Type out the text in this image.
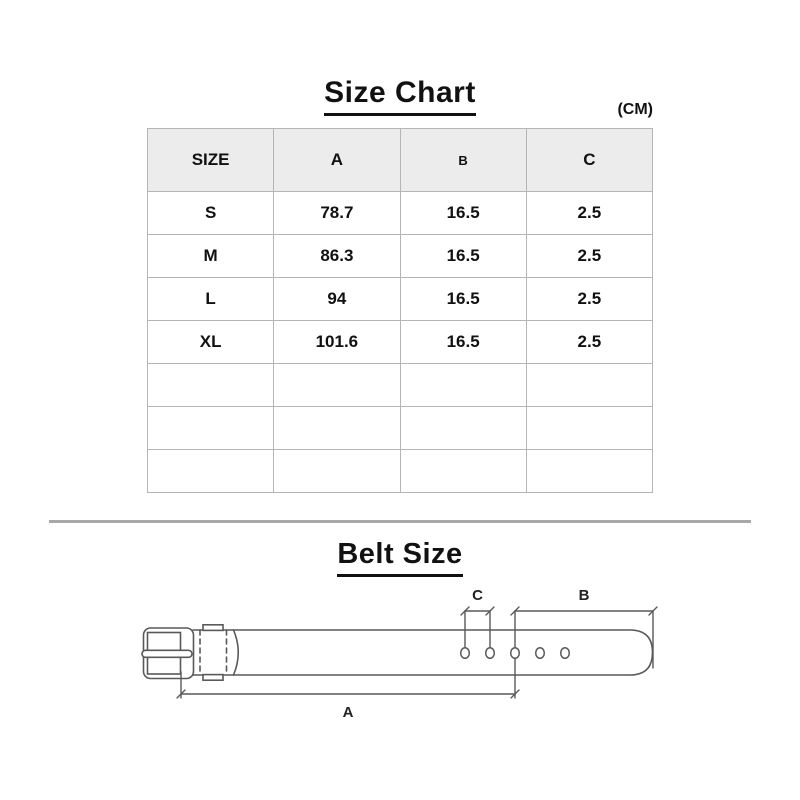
Size Chart
(CM)
SIZE	A	B	C
S	78.7	16.5	2.5
M	86.3	16.5	2.5
L	94	16.5	2.5
XL	101.6	16.5	2.5

Belt Size
C	B
A
